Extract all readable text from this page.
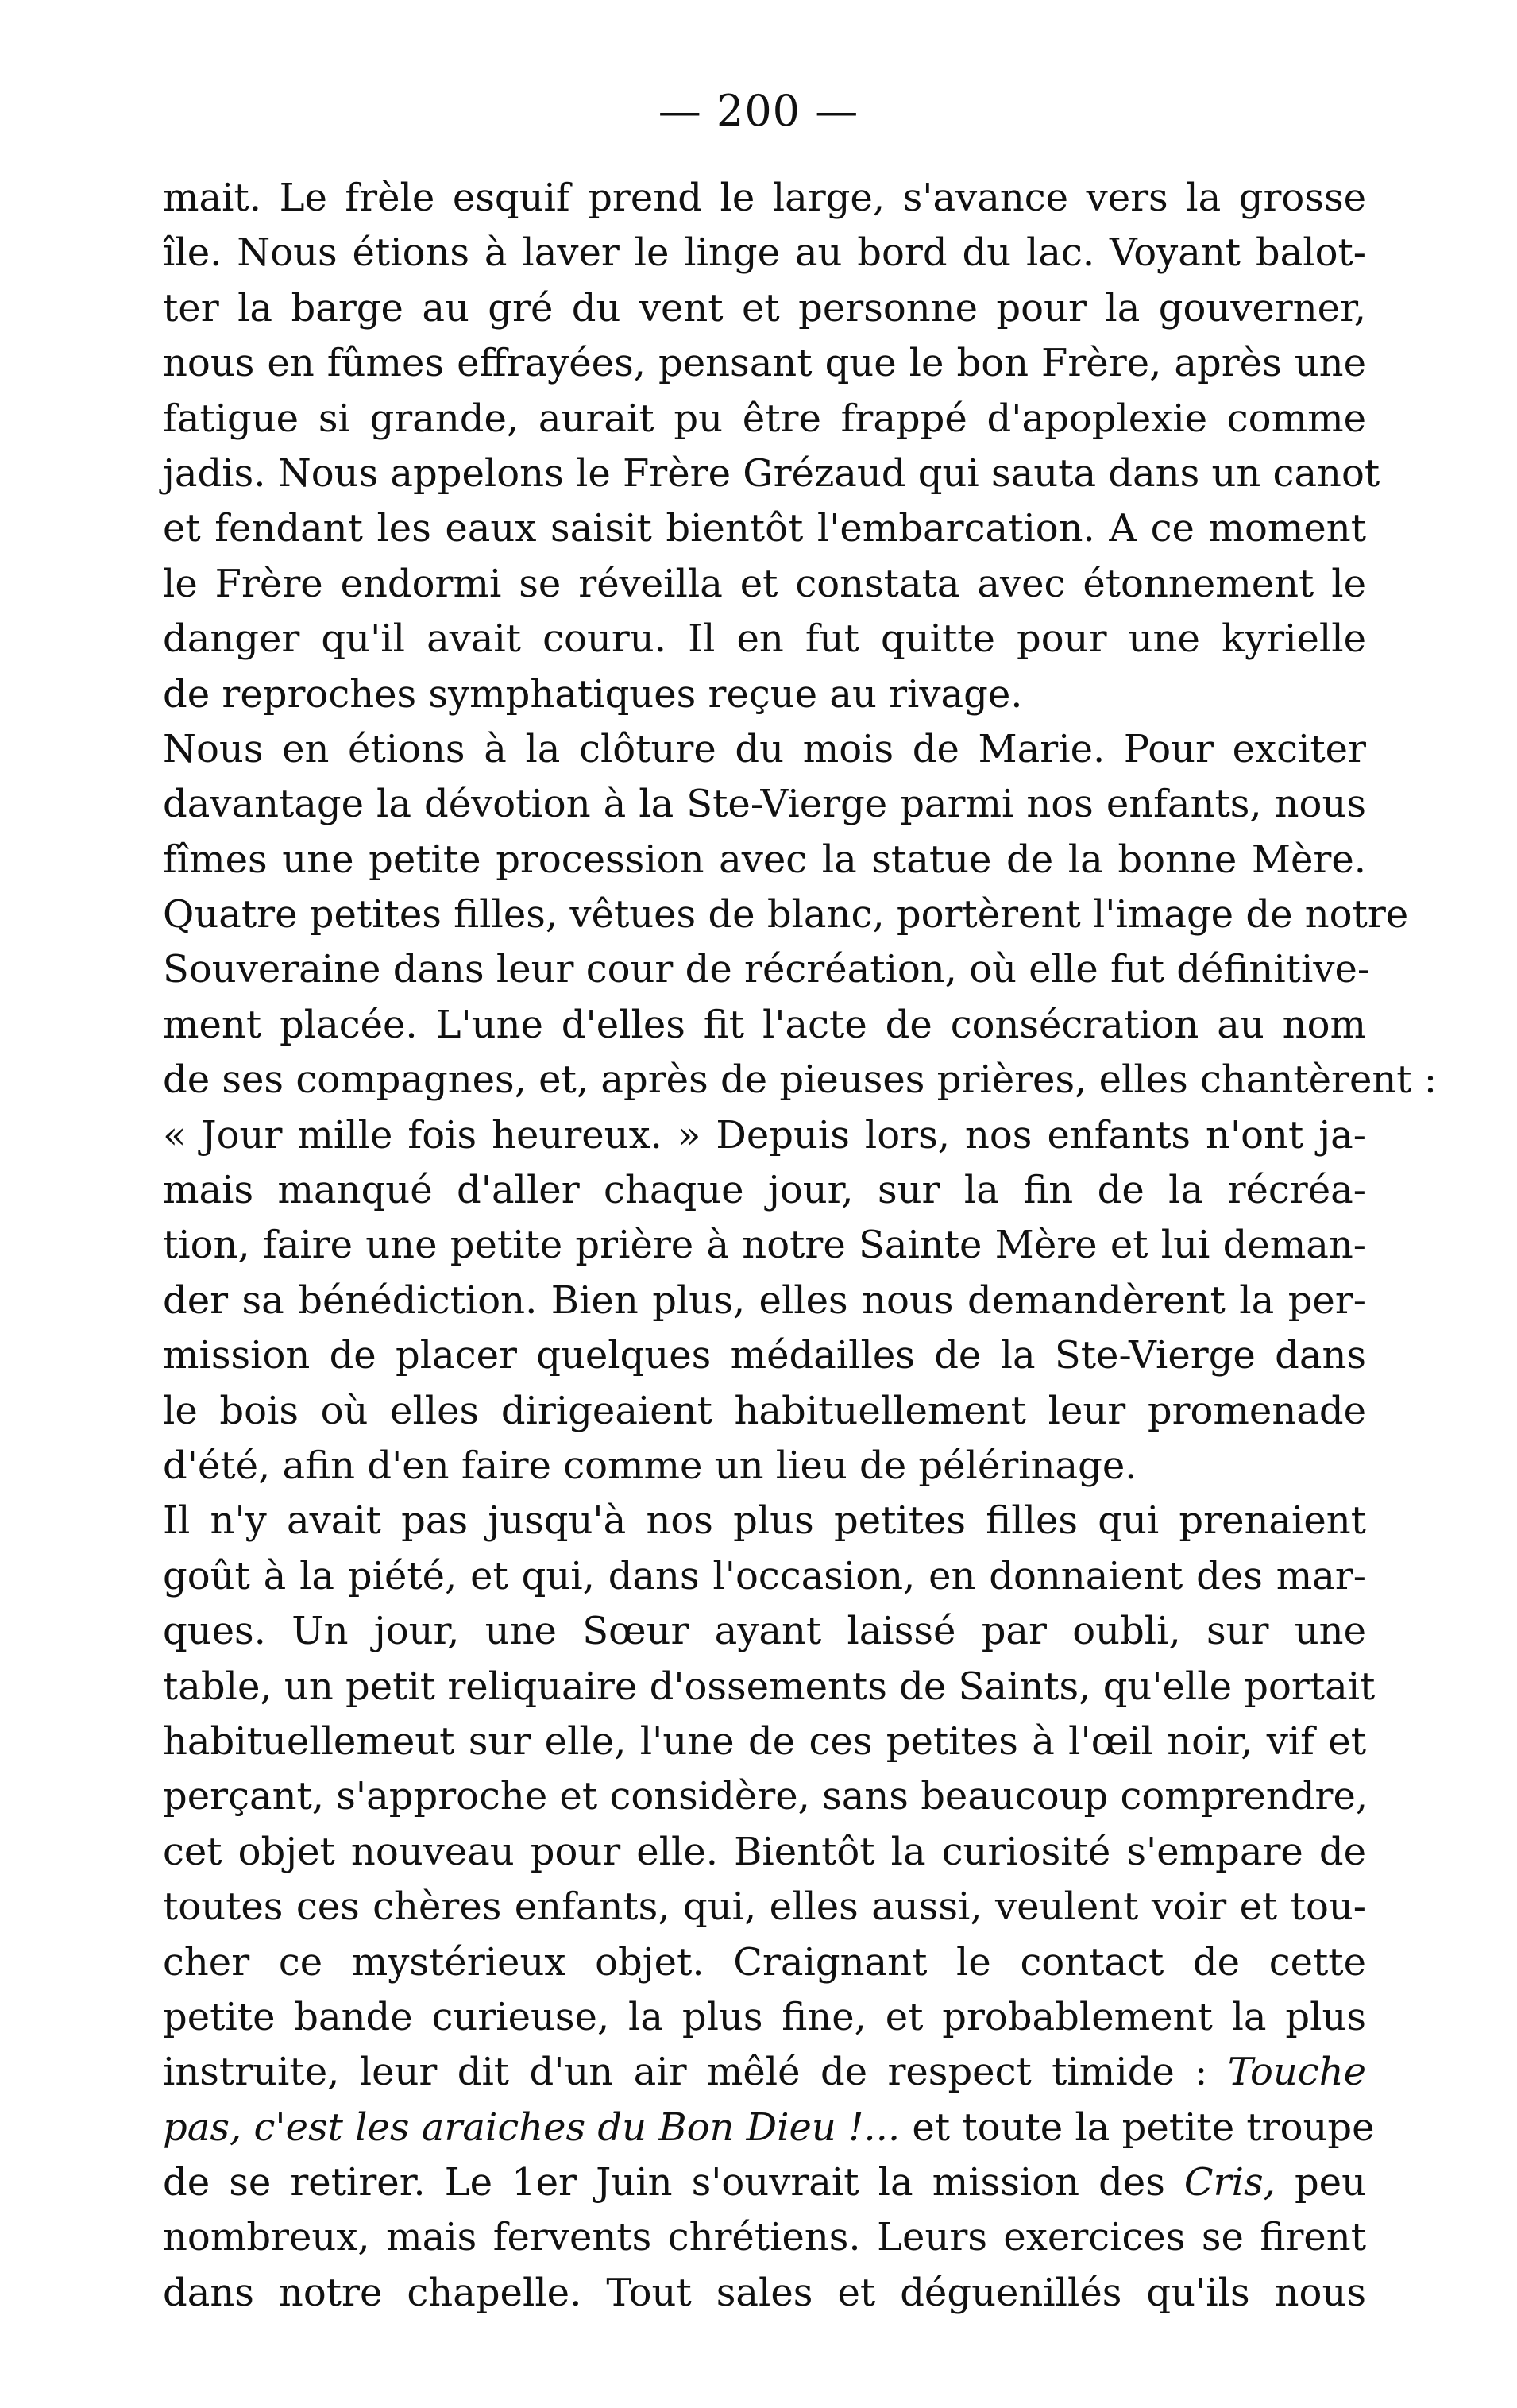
— 200 —
mait. Le frèle esquif prend le large, s'avance vers la grosse
île. Nous étions à laver le linge au bord du lac. Voyant balot-
ter la barge au gré du vent et personne pour la gouverner,
nous en fûmes effrayées, pensant que le bon Frère, après une
fatigue si grande, aurait pu être frappé d'apoplexie comme
jadis. Nous appelons le Frère Grézaud qui sauta dans un canot
et fendant les eaux saisit bientôt l'embarcation. A ce moment
le Frère endormi se réveilla et constata avec étonnement le
danger qu'il avait couru. Il en fut quitte pour une kyrielle
de reproches symphatiques reçue au rivage.
Nous en étions à la clôture du mois de Marie. Pour exciter
davantage la dévotion à la Ste-Vierge parmi nos enfants, nous
fîmes une petite procession avec la statue de la bonne Mère.
Quatre petites filles, vêtues de blanc, portèrent l'image de notre
Souveraine dans leur cour de récréation, où elle fut définitive-
ment placée. L'une d'elles fit l'acte de consécration au nom
de ses compagnes, et, après de pieuses prières, elles chantèrent :
« Jour mille fois heureux. » Depuis lors, nos enfants n'ont ja-
mais manqué d'aller chaque jour, sur la fin de la récréa-
tion, faire une petite prière à notre Sainte Mère et lui deman-
der sa bénédiction. Bien plus, elles nous demandèrent la per-
mission de placer quelques médailles de la Ste-Vierge dans
le bois où elles dirigeaient habituellement leur promenade
d'été, afin d'en faire comme un lieu de pélérinage.
Il n'y avait pas jusqu'à nos plus petites filles qui prenaient
goût à la piété, et qui, dans l'occasion, en donnaient des mar-
ques. Un jour, une Sœur ayant laissé par oubli, sur une
table, un petit reliquaire d'ossements de Saints, qu'elle portait
habituellemeut sur elle, l'une de ces petites à l'œil noir, vif et
perçant, s'approche et considère, sans beaucoup comprendre,
cet objet nouveau pour elle. Bientôt la curiosité s'empare de
toutes ces chères enfants, qui, elles aussi, veulent voir et tou-
cher ce mystérieux objet. Craignant le contact de cette
petite bande curieuse, la plus fine, et probablement la plus
instruite, leur dit d'un air mêlé de respect timide : Touche
pas, c'est les araiches du Bon Dieu !... et toute la petite troupe
de se retirer. Le 1er Juin s'ouvrait la mission des Cris, peu
nombreux, mais fervents chrétiens. Leurs exercices se firent
dans notre chapelle. Tout sales et déguenillés qu'ils nous
